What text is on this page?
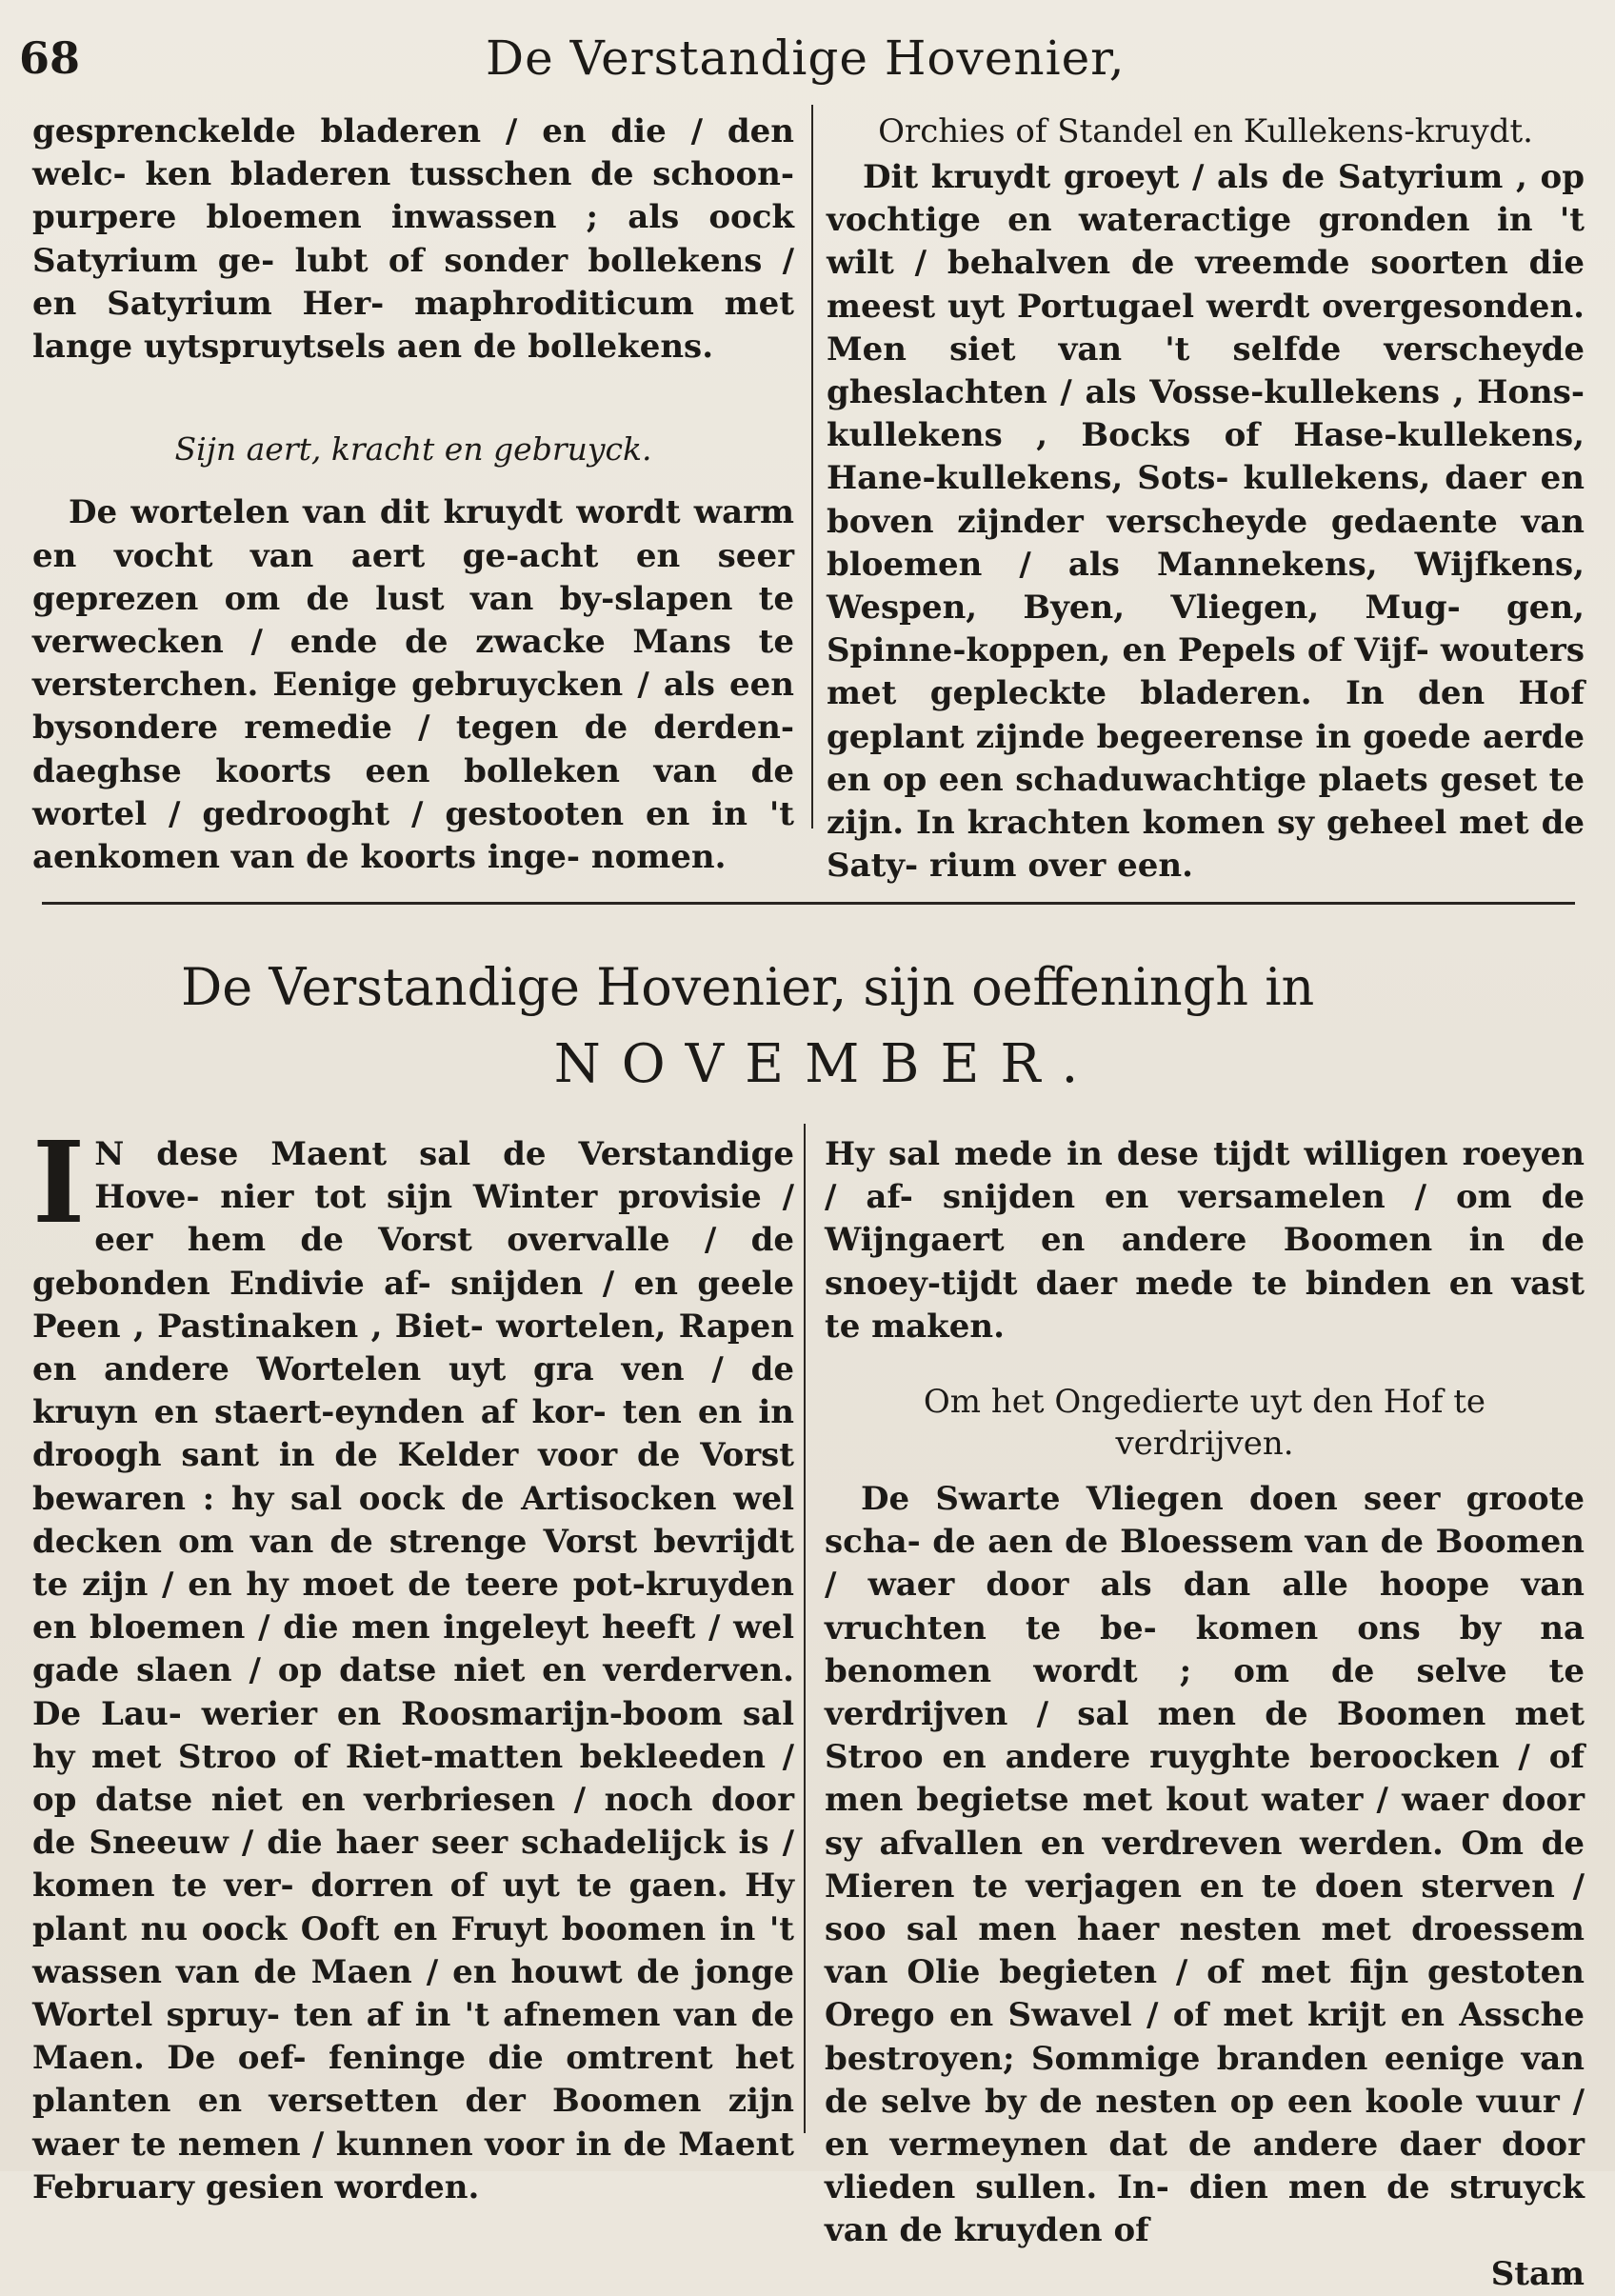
68	De Verstandige Hovenier,

gesprenckelde bladeren / en die / den welc- ken bladeren tusschen de schoon-purpere bloemen inwassen ; als oock Satyrium ge- lubt of sonder bollekens / en Satyrium Her- maphroditicum met lange uytspruytsels aen de bollekens.

Sijn aert, kracht en gebruyck.

De wortelen van dit kruydt wordt warm en vocht van aert ge-acht en seer geprezen om de lust van by-slapen te verwecken / ende de zwacke Mans te versterchen. Eenige gebruycken / als een bysondere remedie / tegen de derden-daeghse koorts een bolleken van de wortel / gedrooght / gestooten en in 't aenkomen van de koorts inge- nomen.

Orchies of Standel en Kullekens-kruydt.

Dit kruydt groeyt / als de Satyrium , op vochtige en wateractige gronden in 't wilt / behalven de vreemde soorten die meest uyt Portugael werdt overgesonden. Men siet van 't selfde verscheyde gheslachten / als Vosse-kullekens , Hons-kullekens , Bocks of Hase-kullekens, Hane-kullekens, Sots- kullekens, daer en boven zijnder verscheyde gedaente van bloemen / als Mannekens, Wijfkens, Wespen, Byen, Vliegen, Mug- gen, Spinne-koppen, en Pepels of Vijf- wouters met gepleckte bladeren. In den Hof geplant zijnde begeerense in goede aerde en op een schaduwachtige plaets geset te zijn. In krachten komen sy geheel met de Saty- rium over een.

De Verstandige Hovenier, sijn oeffeningh in
NOVEMBER.
I N dese Maent sal de Verstandige Hove- nier tot sijn Winter provisie / eer hem de Vorst overvalle / de gebonden Endivie af- snijden / en geele Peen , Pastinaken , Biet- wortelen, Rapen en andere Wortelen uyt gra ven / de kruyn en staert-eynden af kor- ten en in droogh sant in de Kelder voor de Vorst bewaren : hy sal oock de Artisocken wel decken om van de strenge Vorst bevrijdt te zijn / en hy moet de teere pot-kruyden en bloemen / die men ingeleyt heeft / wel gade slaen / op datse niet en verderven. De Lau- werier en Roosmarijn-boom sal hy met Stroo of Riet-matten bekleeden / op datse niet en verbriesen / noch door de Sneeuw / die haer seer schadelijck is / komen te ver- dorren of uyt te gaen. Hy plant nu oock Ooft en Fruyt boomen in 't wassen van de Maen / en houwt de jonge Wortel spruy- ten af in 't afnemen van de Maen. De oef- feninge die omtrent het planten en versetten der Boomen zijn waer te nemen / kunnen voor in de Maent February gesien worden.

Hy sal mede in dese tijdt willigen roeyen / af- snijden en versamelen / om de Wijngaert en andere Boomen in de snoey-tijdt daer mede te binden en vast te maken.

Om het Ongedierte uyt den Hof te verdrijven.

De Swarte Vliegen doen seer groote scha- de aen de Bloessem van de Boomen / waer door als dan alle hoope van vruchten te be- komen ons by na benomen wordt ; om de selve te verdrijven / sal men de Boomen met Stroo en andere ruyghte beroocken / of men begietse met kout water / waer door sy afvallen en verdreven werden. Om de Mieren te verjagen en te doen sterven / soo sal men haer nesten met droessem van Olie begieten / of met fijn gestoten Orego en Swavel / of met krijt en Assche bestroyen; Sommige branden eenige van de selve by de nesten op een koole vuur / en vermeynen dat de andere daer door vlieden sullen. In- dien men de struyck van de kruyden of

Stam
